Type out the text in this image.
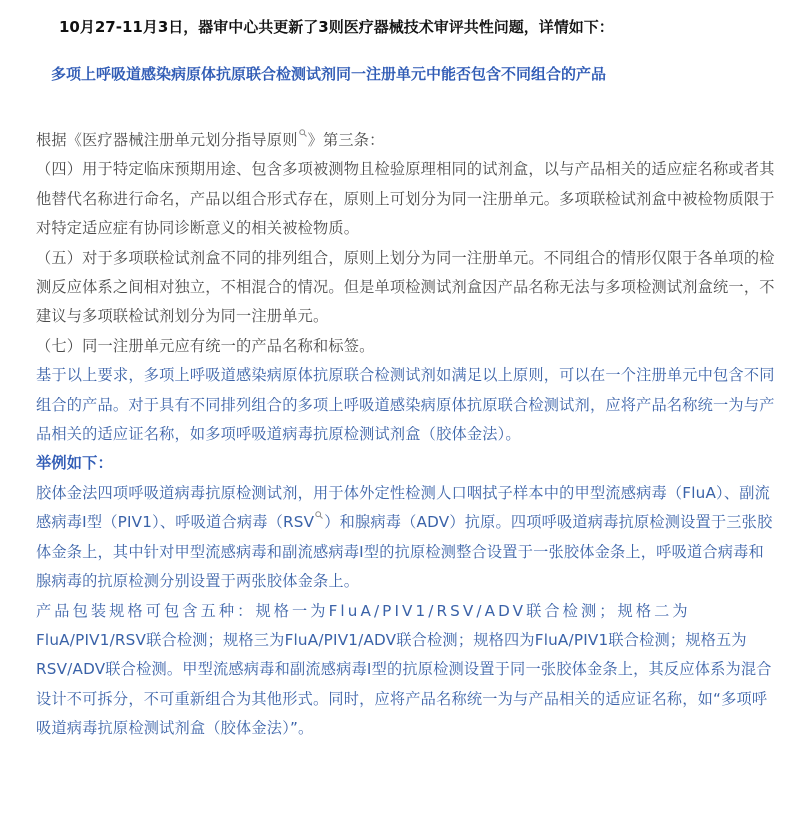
10月27-11月3日，器审中心共更新了3则医疗器械技术审评共性问题，详情如下：
多项上呼吸道感染病原体抗原联合检测试剂同一注册单元中能否包含不同组合的产品

根据《医疗器械注册单元划分指导原则 》第三条：

（四）用于特定临床预期用途、包含多项被测物且检验原理相同的试剂盒，以与产品相关的适应症名称或者其他替代名称进行命名，产品以组合形式存在，原则上可划分为同一注册单元。多项联检试剂盒中被检物质限于对特定适应症有协同诊断意义的相关被检物质。

（五）对于多项联检试剂盒不同的排列组合，原则上划分为同一注册单元。不同组合的情形仅限于各单项的检测反应体系之间相对独立，不相混合的情况。但是单项检测试剂盒因产品名称无法与多项检测试剂盒统一，不建议与多项联检试剂划分为同一注册单元。

（七）同一注册单元应有统一的产品名称和标签。

基于以上要求，多项上呼吸道感染病原体抗原联合检测试剂如满足以上原则，可以在一个注册单元中包含不同组合的产品。对于具有不同排列组合的多项上呼吸道感染病原体抗原联合检测试剂，应将产品名称统一为与产品相关的适应证名称，如多项呼吸道病毒抗原检测试剂盒（胶体金法）。

举例如下：

胶体金法四项呼吸道病毒抗原检测试剂，用于体外定性检测人口咽拭子样本中的甲型流感病毒（FluA）、副流感病毒I型（PIV1）、呼吸道合病毒（RSV ）和腺病毒（ADV）抗原。四项呼吸道病毒抗原检测设置于三张胶体金条上，其中针对甲型流感病毒和副流感病毒I型的抗原检测整合设置于一张胶体金条上，呼吸道合病毒和腺病毒的抗原检测分别设置于两张胶体金条上。

产品包装规格可包含五种：规格一为FluA/PIV1/RSV/ADV联合检测；规格二为
FluA/PIV1/RSV联合检测；规格三为FluA/PIV1/ADV联合检测；规格四为FluA/PIV1联合检测；规格五为RSV/ADV联合检测。甲型流感病毒和副流感病毒I型的抗原检测设置于同一张胶体金条上，其反应体系为混合设计不可拆分，不可重新组合为其他形式。同时，应将产品名称统一为与产品相关的适应证名称，如“多项呼吸道病毒抗原检测试剂盒（胶体金法）”。
